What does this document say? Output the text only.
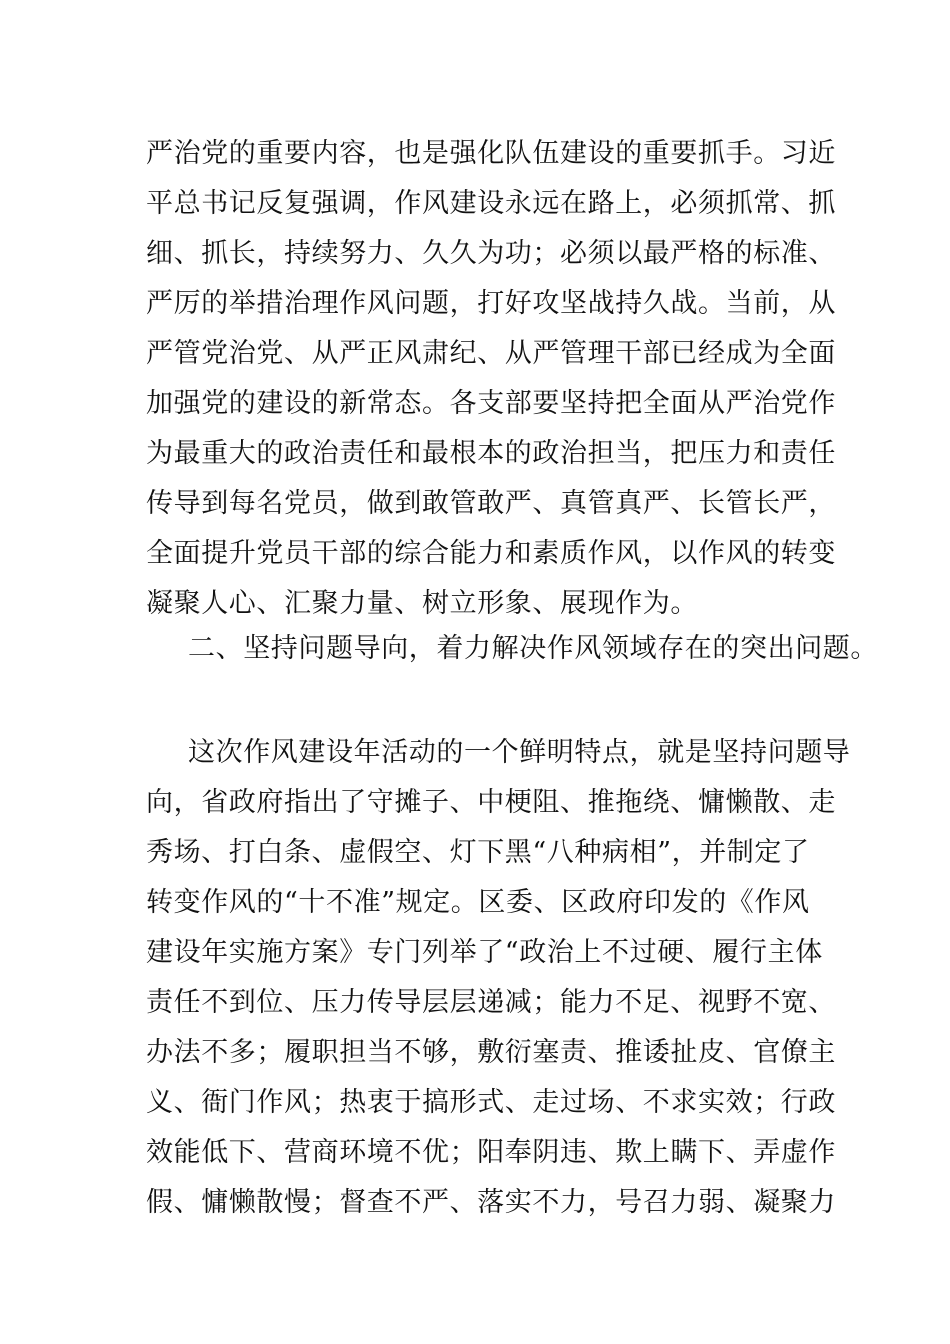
严治党的重要内容，也是强化队伍建设的重要抓手。习近
平总书记反复强调，作风建设永远在路上，必须抓常、抓
细、抓长，持续努力、久久为功；必须以最严格的标准、
严厉的举措治理作风问题，打好攻坚战持久战。当前，从
严管党治党、从严正风肃纪、从严管理干部已经成为全面
加强党的建设的新常态。各支部要坚持把全面从严治党作
为最重大的政治责任和最根本的政治担当，把压力和责任
传导到每名党员，做到敢管敢严、真管真严、长管长严，
全面提升党员干部的综合能力和素质作风，以作风的转变
凝聚人心、汇聚力量、树立形象、展现作为。
二、坚持问题导向，着力解决作风领域存在的突出问题。
这次作风建设年活动的一个鲜明特点，就是坚持问题导
向，省政府指出了守摊子、中梗阻、推拖绕、慵懒散、走
秀场、打白条、虚假空、灯下黑“八种病相”，并制定了
转变作风的“十不准”规定。区委、区政府印发的《作风
建设年实施方案》专门列举了“政治上不过硬、履行主体
责任不到位、压力传导层层递减；能力不足、视野不宽、
办法不多；履职担当不够，敷衍塞责、推诿扯皮、官僚主
义、衙门作风；热衷于搞形式、走过场、不求实效；行政
效能低下、营商环境不优；阳奉阴违、欺上瞒下、弄虚作
假、慵懒散慢；督查不严、落实不力，号召力弱、凝聚力
